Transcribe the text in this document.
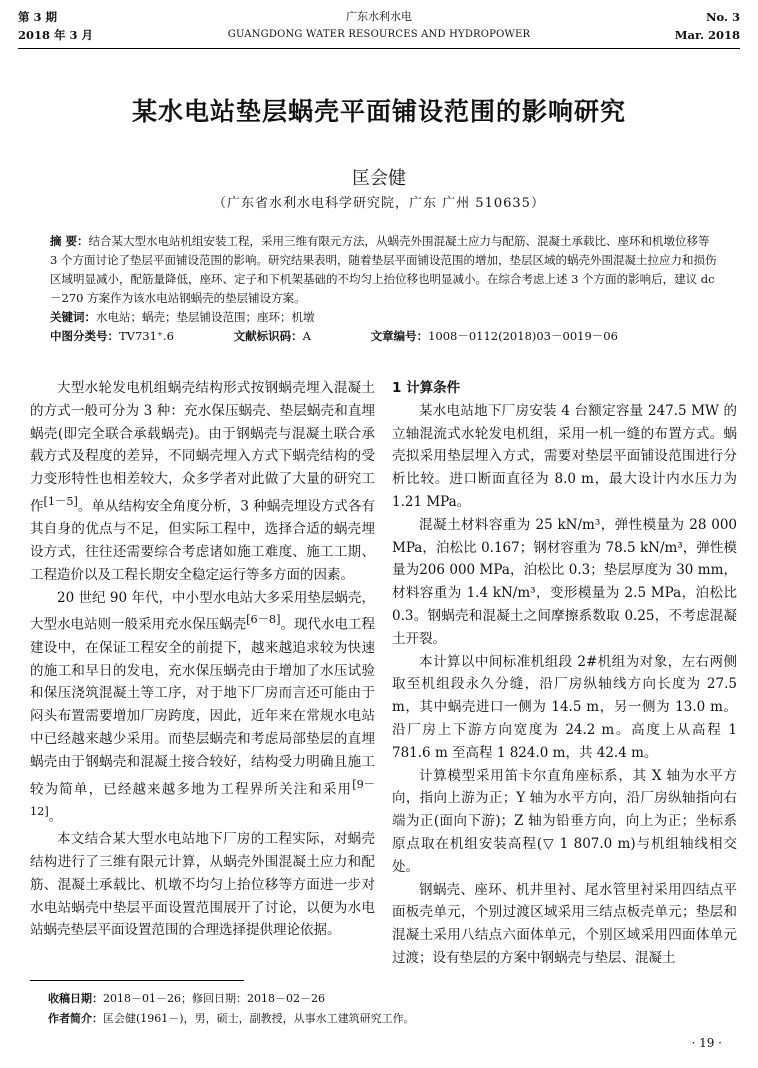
第 3 期
2018 年 3 月
广东水利水电
GUANGDONG WATER RESOURCES AND HYDROPOWER
No. 3
Mar. 2018
某水电站垫层蜗壳平面铺设范围的影响研究
匡会健
（广东省水利水电科学研究院，广东 广州 510635）
摘 要：结合某大型水电站机组安装工程，采用三维有限元方法，从蜗壳外围混凝土应力与配筋、混凝土承载比、座环和机墩位移等 3 个方面讨论了垫层平面铺设范围的影响。研究结果表明，随着垫层平面铺设范围的增加，垫层区域的蜗壳外围混凝土拉应力和损伤区域明显减小，配筋量降低，座环、定子和下机架基础的不均匀上抬位移也明显减小。在综合考虑上述 3 个方面的影响后，建议 dc－270 方案作为该水电站钢蜗壳的垫层铺设方案。
关键词：水电站；蜗壳；垫层铺设范围；座环；机墩
中图分类号：TV731⁺.6	文献标识码：A	文章编号：1008－0112(2018)03－0019－06

大型水轮发电机组蜗壳结构形式按钢蜗壳埋入混凝土的方式一般可分为 3 种：充水保压蜗壳、垫层蜗壳和直埋蜗壳(即完全联合承载蜗壳)。由于钢蜗壳与混凝土联合承载方式及程度的差异，不同蜗壳埋入方式下蜗壳结构的受力变形特性也相差较大，众多学者对此做了大量的研究工作[1－5]。单从结构安全角度分析，3 种蜗壳埋设方式各有其自身的优点与不足，但实际工程中，选择合适的蜗壳埋设方式，往往还需要综合考虑诸如施工难度、施工工期、工程造价以及工程长期安全稳定运行等多方面的因素。

20 世纪 90 年代，中小型水电站大多采用垫层蜗壳，大型水电站则一般采用充水保压蜗壳[6－8]。现代水电工程建设中，在保证工程安全的前提下，越来越追求较为快速的施工和早日的发电，充水保压蜗壳由于增加了水压试验和保压浇筑混凝土等工序，对于地下厂房而言还可能由于闷头布置需要增加厂房跨度，因此，近年来在常规水电站中已经越来越少采用。而垫层蜗壳和考虑局部垫层的直埋蜗壳由于钢蜗壳和混凝土接合较好，结构受力明确且施工较为简单，已经越来越多地为工程界所关注和采用[9－12]。

本文结合某大型水电站地下厂房的工程实际，对蜗壳结构进行了三维有限元计算，从蜗壳外围混凝土应力和配筋、混凝土承载比、机墩不均匀上抬位移等方面进一步对水电站蜗壳中垫层平面设置范围展开了讨论，以便为水电站蜗壳垫层平面设置范围的合理选择提供理论依据。

1 计算条件

某水电站地下厂房安装 4 台额定容量 247.5 MW 的立轴混流式水轮发电机组，采用一机一缝的布置方式。蜗壳拟采用垫层埋入方式，需要对垫层平面铺设范围进行分析比较。进口断面直径为 8.0 m，最大设计内水压力为 1.21 MPa。

混凝土材料容重为 25 kN/m³，弹性模量为 28 000 MPa，泊松比 0.167；钢材容重为 78.5 kN/m³，弹性模量为206 000 MPa，泊松比 0.3；垫层厚度为 30 mm，材料容重为 1.4 kN/m³，变形模量为 2.5 MPa，泊松比 0.3。钢蜗壳和混凝土之间摩擦系数取 0.25，不考虑混凝土开裂。

本计算以中间标准机组段 2#机组为对象，左右两侧取至机组段永久分缝，沿厂房纵轴线方向长度为 27.5 m，其中蜗壳进口一侧为 14.5 m，另一侧为 13.0 m。沿厂房上下游方向宽度为 24.2 m。高度上从高程 1 781.6 m 至高程 1 824.0 m，共 42.4 m。

计算模型采用笛卡尔直角座标系，其 X 轴为水平方向，指向上游为正；Y 轴为水平方向，沿厂房纵轴指向右端为正(面向下游)；Z 轴为铅垂方向，向上为正；坐标系原点取在机组安装高程(▽ 1 807.0 m)与机组轴线相交处。

钢蜗壳、座环、机井里衬、尾水管里衬采用四结点平面板壳单元，个别过渡区域采用三结点板壳单元；垫层和混凝土采用八结点六面体单元，个别区域采用四面体单元过渡；设有垫层的方案中钢蜗壳与垫层、混凝土

收稿日期：2018－01－26；修回日期：2018－02－26
作者简介：匡会健(1961－)，男，硕士，副教授，从事水工建筑研究工作。
· 19 ·
